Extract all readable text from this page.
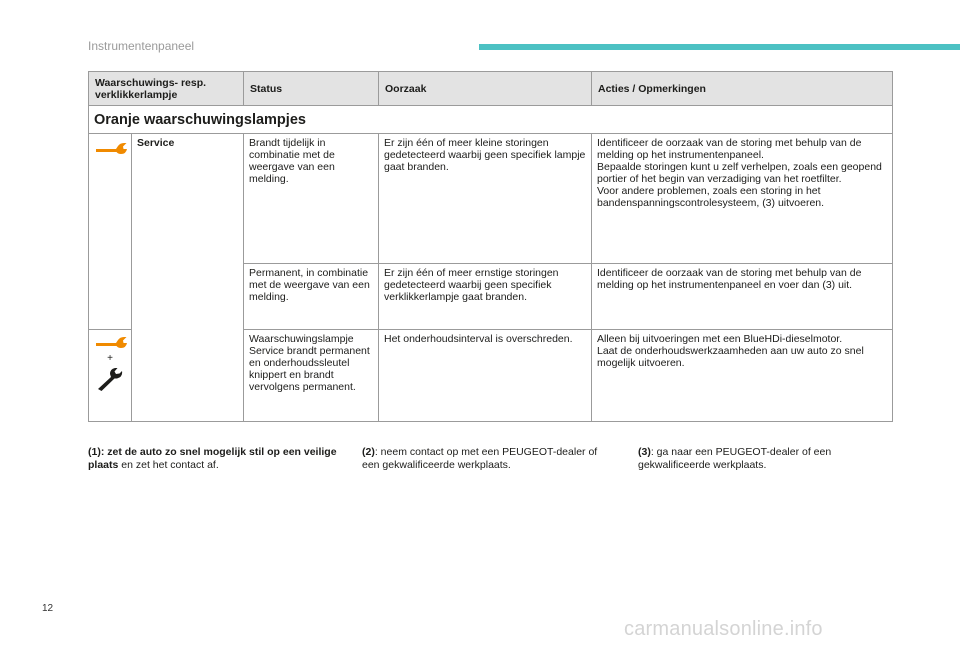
Instrumentenpaneel
Waarschuwings- resp. verklikkerlampje		Status	Oorzaak	Acties / Opmerkingen
Oranje waarschuwingslampjes				

	Service	Brandt tijdelijk in combinatie met de weergave van een melding.	Er zijn één of meer kleine storingen gedetecteerd waarbij geen specifiek lampje gaat branden.	Identificeer de oorzaak van de storing met behulp van de melding op het instrumentenpaneel.
Bepaalde storingen kunt u zelf verhelpen, zoals een geopend portier of het begin van verzadiging van het roetfilter.
Voor andere problemen, zoals een storing in het bandenspanningscontrolesysteem, (3) uitvoeren.

		Permanent, in combinatie met de weergave van een melding.	Er zijn één of meer ernstige storingen gedetecteerd waarbij geen specifiek verklikkerlampje gaat branden.	Identificeer de oorzaak van de storing met behulp van de melding op het instrumentenpaneel en voer dan (3) uit.

+		Waarschuwingslampje Service brandt permanent en onderhoudssleutel knippert en brandt vervolgens permanent.	Het onderhoudsinterval is overschreden.	Alleen bij uitvoeringen met een BlueHDi-dieselmotor.
Laat de onderhoudswerkzaamheden aan uw auto zo snel mogelijk uitvoeren.
(1): zet de auto zo snel mogelijk stil op een veilige plaats en zet het contact af.
(2): neem contact op met een PEUGEOT-dealer of een gekwalificeerde werkplaats.
(3): ga naar een PEUGEOT-dealer of een gekwalificeerde werkplaats.
12
carmanualsonline.info
